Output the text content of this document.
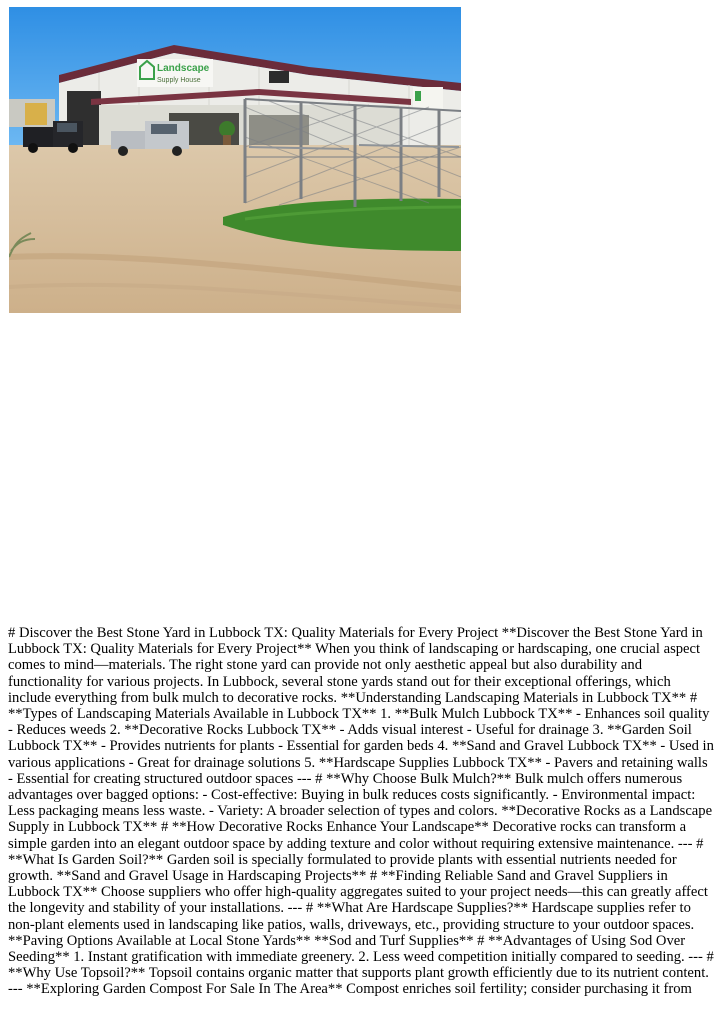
Landscape
Supply House

# Discover the Best Stone Yard in Lubbock TX: Quality Materials for Every Project **Discover the Best Stone Yard in Lubbock TX: Quality Materials for Every Project** When you think of landscaping or hardscaping, one crucial aspect comes to mind—materials. The right stone yard can provide not only aesthetic appeal but also durability and functionality for various projects. In Lubbock, several stone yards stand out for their exceptional offerings, which include everything from bulk mulch to decorative rocks. **Understanding Landscaping Materials in Lubbock TX** # **Types of Landscaping Materials Available in Lubbock TX** 1. **Bulk Mulch Lubbock TX** - Enhances soil quality - Reduces weeds 2. **Decorative Rocks Lubbock TX** - Adds visual interest - Useful for drainage 3. **Garden Soil Lubbock TX** - Provides nutrients for plants - Essential for garden beds 4. **Sand and Gravel Lubbock TX** - Used in various applications - Great for drainage solutions 5. **Hardscape Supplies Lubbock TX** - Pavers and retaining walls - Essential for creating structured outdoor spaces --- # **Why Choose Bulk Mulch?** Bulk mulch offers numerous advantages over bagged options: - Cost-effective: Buying in bulk reduces costs significantly. - Environmental impact: Less packaging means less waste. - Variety: A broader selection of types and colors. **Decorative Rocks as a Landscape Supply in Lubbock TX** # **How Decorative Rocks Enhance Your Landscape** Decorative rocks can transform a simple garden into an elegant outdoor space by adding texture and color without requiring extensive maintenance. --- # **What Is Garden Soil?** Garden soil is specially formulated to provide plants with essential nutrients needed for growth. **Sand and Gravel Usage in Hardscaping Projects** # **Finding Reliable Sand and Gravel Suppliers in Lubbock TX** Choose suppliers who offer high-quality aggregates suited to your project needs—this can greatly affect the longevity and stability of your installations. --- # **What Are Hardscape Supplies?** Hardscape supplies refer to non-plant elements used in landscaping like patios, walls, driveways, etc., providing structure to your outdoor spaces. **Paving Options Available at Local Stone Yards** **Sod and Turf Supplies** # **Advantages of Using Sod Over Seeding** 1. Instant gratification with immediate greenery. 2. Less weed competition initially compared to seeding. --- # **Why Use Topsoil?** Topsoil contains organic matter that supports plant growth efficiently due to its nutrient content. --- **Exploring Garden Compost For Sale In The Area** Compost enriches soil fertility; consider purchasing it from
